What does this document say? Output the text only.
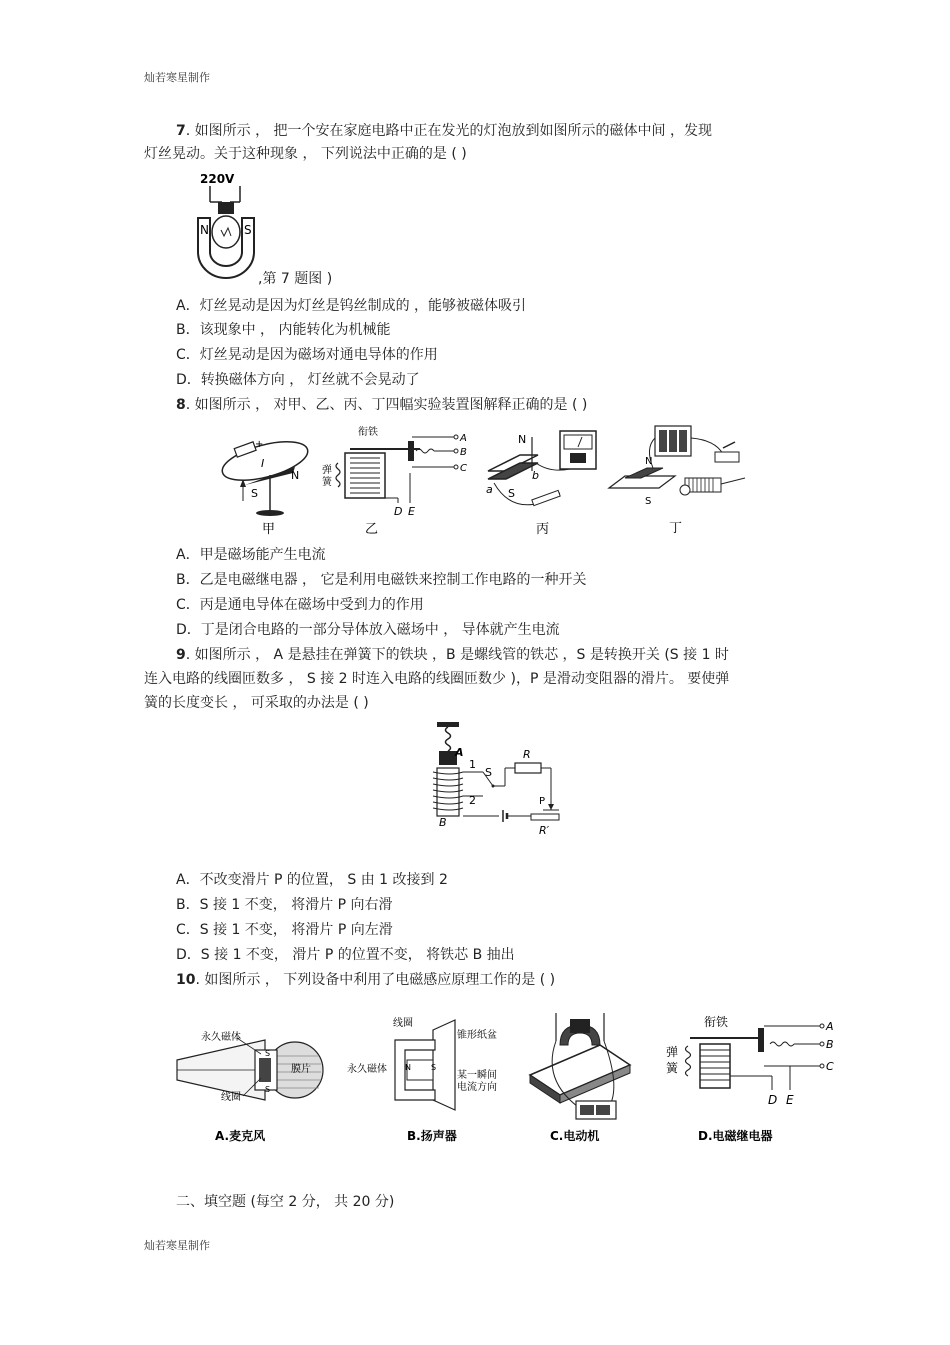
灿若寒星制作
7. 如图所示 ， 把一个安在家庭电路中正在发光的灯泡放到如图所示的磁体中间 ，发现
灯丝晃动。关于这种现象 ， 下列说法中正确的是 ( )
220V
N	S
,第 7 题图 )
A．灯丝晃动是因为灯丝是钨丝制成的 ，能够被磁体吸引
B．该现象中 ， 内能转化为机械能
C．灯丝晃动是因为磁场对通电导体的作用
D．转换磁体方向 ， 灯丝就不会晃动了
8. 如图所示 ， 对甲、乙、丙、丁四幅实验装置图解释正确的是 ( )
+
I
S
N
甲
衔铁
弹
簧
A
B
C
D E
乙
N
S
a
b
丙
N
S
丁
A．甲是磁场能产生电流
B．乙是电磁继电器 ， 它是利用电磁铁来控制工作电路的一种开关
C．丙是通电导体在磁场中受到力的作用
D．丁是闭合电路的一部分导体放入磁场中 ， 导体就产生电流
9. 如图所示 ， A 是悬挂在弹簧下的铁块 ，B 是螺线管的铁芯 ，S 是转换开关 (S 接 1 时
连入电路的线圈匝数多 ， S 接 2 时连入电路的线圈匝数少 )，P 是滑动变阻器的滑片。 要使弹
簧的长度变长 ， 可采取的办法是 ( )
A
B
1
2
S
R
P
R′
A．不改变滑片 P 的位置， S 由 1 改接到 2
B．S 接 1 不变， 将滑片 P 向右滑
C．S 接 1 不变， 将滑片 P 向左滑
D．S 接 1 不变， 滑片 P 的位置不变， 将铁芯 B 抽出
10. 如图所示 ， 下列设备中利用了电磁感应原理工作的是 ( )
S
S
永久磁体
线圈
膜片
A.麦克风
线圈
N	S
锥形纸盆
永久磁体
某一瞬间
电流方向
B.扬声器	C.电动机
衔铁
弹
簧
A
B
C
D E
D.电磁继电器
二、填空题 (每空 2 分， 共 20 分)
灿若寒星制作
